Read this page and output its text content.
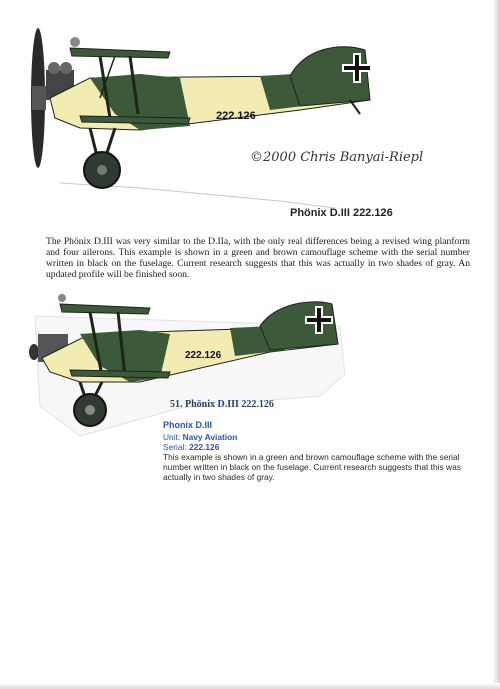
222.126
©2000 Chris Banyai-Riepl
Phönix D.III 222.126
The Phönix D.III was very similar to the D.IIa, with the only real differences being a revised wing planform and four ailerons. This example is shown in a green and brown camouflage scheme with the serial number written in black on the fuselage. Current research suggests that this was actually in two shades of gray. An updated profile will be finished soon.
222.126
51. Phönix D.III 222.126
Phonix D.III
Unit: Navy Aviation
Serial: 222.126
This example is shown in a green and brown camouflage scheme with the serial number written in black on the fuselage. Current research suggests that this was actually in two shades of gray.
